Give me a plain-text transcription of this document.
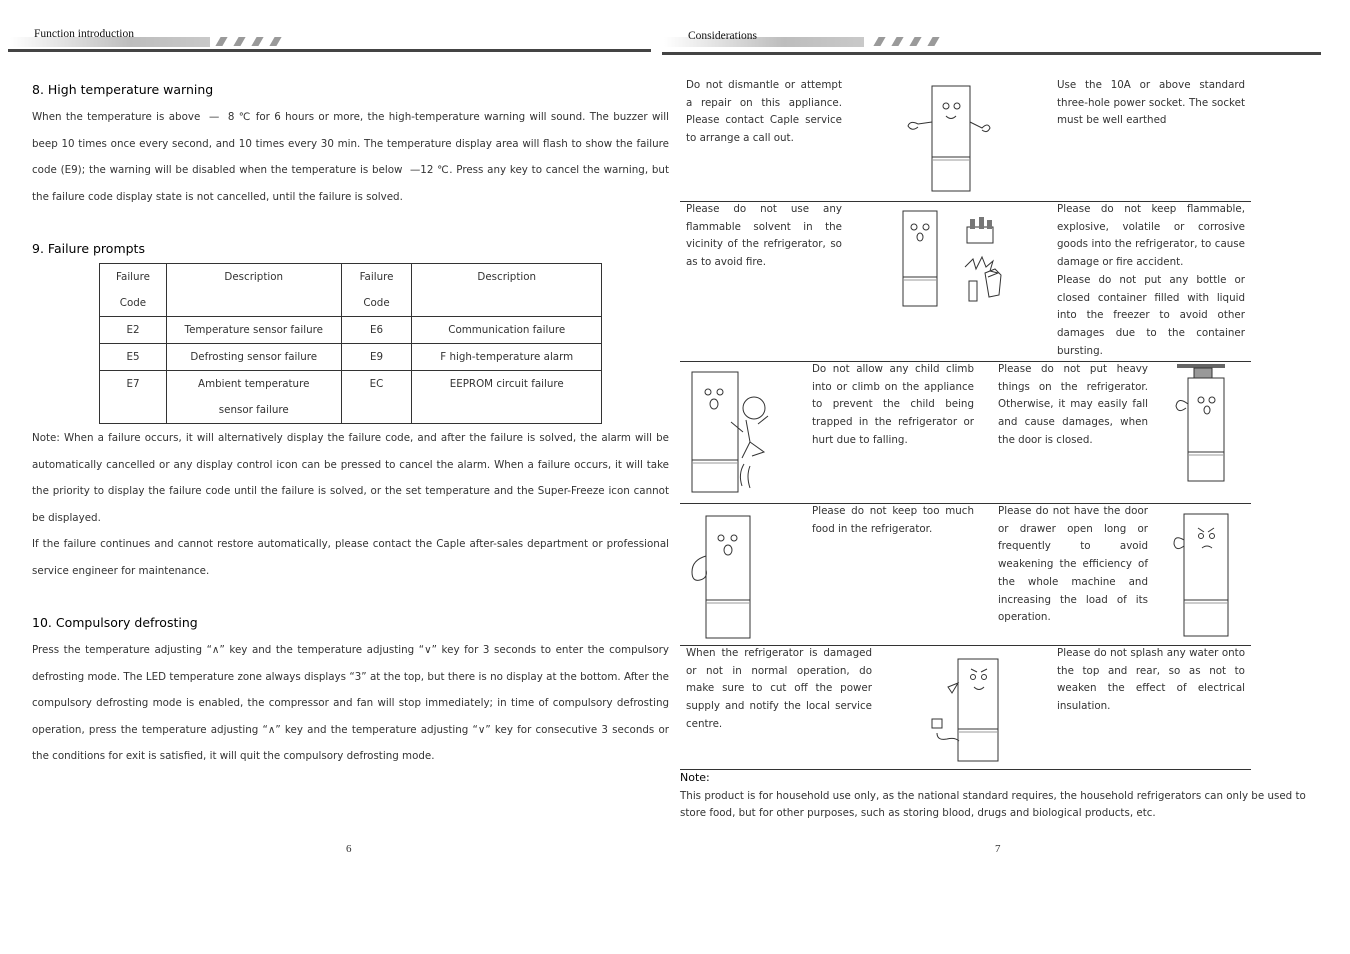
Function introduction
8. High temperature warning
When the temperature is above  —  8 ℃ for 6 hours or more, the high-temperature warning will sound. The buzzer will beep 10 times once every second, and 10 times every 30 min. The temperature display area will flash to show the failure code (E9); the warning will be disabled when the temperature is below  —12 ℃. Press any key to cancel the warning, but the failure code display state is not cancelled, until the failure is solved.
9. Failure prompts
Failure Code	Description	Failure Code	Description
E2	Temperature sensor failure	E6	Communication failure
E5	Defrosting sensor failure	E9	F high-temperature alarm
E7	Ambient temperature sensor failure	EC	EEPROM circuit failure
Note: When a failure occurs, it will alternatively display the failure code, and after the failure is solved, the alarm will be automatically cancelled or any display control icon can be pressed to cancel the alarm. When a failure occurs, it will take the priority to display the failure code until the failure is solved, or the set temperature and the Super-Freeze icon cannot be displayed.
If the failure continues and cannot restore automatically, please contact the Caple after-sales department or professional service engineer for maintenance.
10. Compulsory defrosting
Press the temperature adjusting “∧” key and the temperature adjusting “∨” key for 3 seconds to enter the compulsory defrosting mode. The LED temperature zone always displays “3” at the top, but there is no display at the bottom. After the compulsory defrosting mode is enabled, the compressor and fan will stop immediately; in time of compulsory defrosting operation, press the temperature adjusting “∧” key and the temperature adjusting “∨” key for consecutive 3 seconds or the conditions for exit is satisfied, it will quit the compulsory defrosting mode.
6
Considerations
Do not dismantle or attempt a repair on this appliance. Please contact Caple service to arrange a call out.
Use the 10A or above standard three-hole power socket. The socket must be well earthed
Please do not use any flammable solvent in the vicinity of the refrigerator, so as to avoid fire.
Please do not keep flammable, explosive, volatile or corrosive goods into the refrigerator, to cause damage or fire accident.
Please do not put any bottle or closed container filled with liquid into the freezer to avoid other damages due to the container bursting.
Do not allow any child climb into or climb on the appliance to prevent the child being trapped in the refrigerator or hurt due to falling.
Please do not put heavy things on the refrigerator. Otherwise, it may easily fall and cause damages, when the door is closed.
Please do not keep too much food in the refrigerator.
Please do not have the door or drawer open long or frequently to avoid weakening the efficiency of the whole machine and increasing the load of its operation.
When the refrigerator is damaged or not in normal operation, do make sure to cut off the power supply and notify the local service centre.
Please do not splash any water onto the top and rear, so as not to weaken the effect of electrical insulation.
Note:
This product is for household use only, as the national standard requires, the household refrigerators can only be used to store food, but for other purposes, such as storing blood, drugs and biological products, etc.
7
